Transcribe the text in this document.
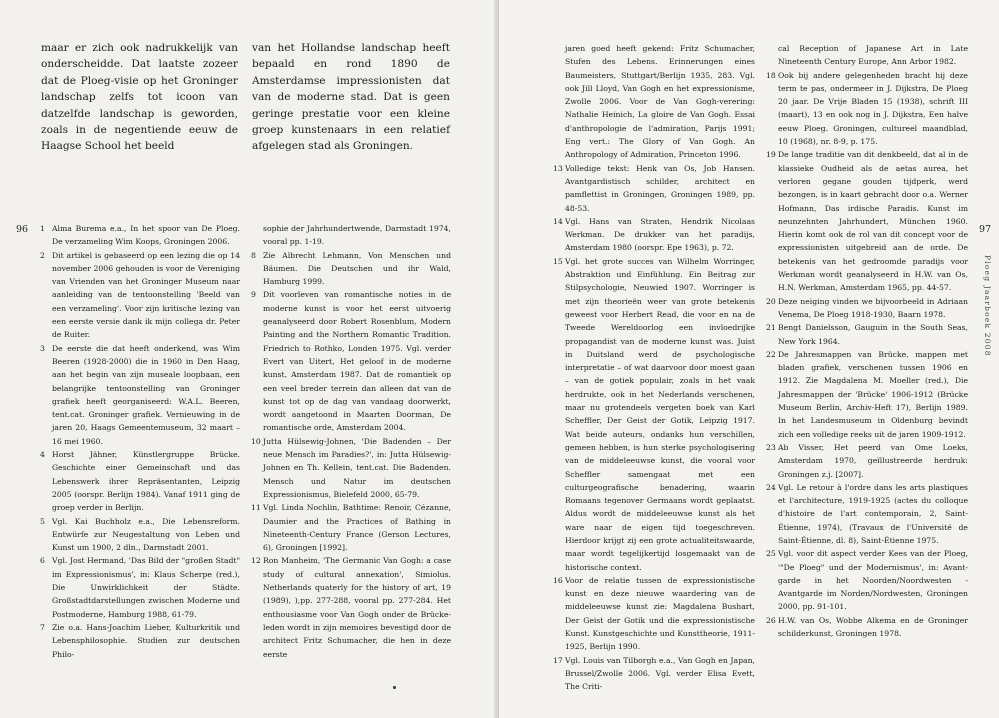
maar er zich ook nadrukkelijk van onderscheidde. Dat laatste zozeer dat de Ploeg-visie op het Groninger landschap zelfs tot icoon van datzelfde landschap is geworden, zoals in de negentiende eeuw de Haagse School het beeld

van het Hollandse landschap heeft bepaald en rond 1890 de Amsterdamse impressionisten dat van de moderne stad. Dat is geen geringe prestatie voor een kleine groep kunstenaars in een relatief afgelegen stad als Groningen.

96 1 Alma Burema e.a., In het spoor van De Ploeg. De verzameling Wim Koops, Groningen 2006.
2 Dit artikel is gebaseerd op een lezing die op 14 november 2006 gehouden is voor de Vereniging van Vrienden van het Groninger Museum naar aanleiding van de tentoonstelling 'Beeld van een verzameling'. Voor zijn kritische lezing van een eerste versie dank ik mijn collega dr. Peter de Ruiter.
3 De eerste die dat heeft onderkend, was Wim Beeren (1928-2000) die in 1960 in Den Haag, aan het begin van zijn museale loopbaan, een belangrijke tentoonstelling van Groninger grafiek heeft georganiseerd: W.A.L. Beeren, tent.cat. Groninger grafiek. Vernieuwing in de jaren 20, Haags Gemeentemuseum, 32 maart – 16 mei 1960.
4 Horst Jähner, Künstlergruppe Brücke. Geschichte einer Gemeinschaft und das Lebenswerk ihrer Repräsentanten, Leipzig 2005 (oorspr. Berlijn 1984). Vanaf 1911 ging de groep verder in Berlijn.
5 Vgl. Kai Buchholz e.a., Die Lebensreform. Entwürfe zur Neugestaltung von Leben und Kunst um 1900, 2 dln., Darmstadt 2001.
6 Vgl. Jost Hermand, 'Das Bild der "großen Stadt" im Expressionismus', in: Klaus Scherpe (red.), Die Unwirklichkeit der Städte. Großstadtdarstellungen zwischen Moderne und Postmoderne, Hamburg 1988, 61-79.
7 Zie o.a. Hans-Joachim Lieber, Kulturkritik und Lebensphilosophie. Studien zur deutschen Philo-
sophie der Jahrhundertwende, Darmstadt 1974, vooral pp. 1-19.
8 Zie Albrecht Lehmann, Von Menschen und Bäumen. Die Deutschen und ihr Wald, Hamburg 1999.
9 Dit voorleven van romantische noties in de moderne kunst is voor het eerst uitvoerig geanalyseerd door Robert Rosenblum, Modern Painting and the Northern Romantic Tradition. Friedrich to Rothko, Londen 1975. Vgl. verder Evert van Uitert, Het geloof in de moderne kunst, Amsterdam 1987. Dat de romantiek op een veel breder terrein dan alleen dat van de kunst tot op de dag van vandaag doorwerkt, wordt aangetoond in Maarten Doorman, De romantische orde, Amsterdam 2004.
10 Jutta Hülsewig-Johnen, 'Die Badenden – Der neue Mensch im Paradies?', in: Jutta Hülsewig-Johnen en Th. Kellein, tent.cat. Die Badenden. Mensch und Natur im deutschen Expressionismus, Bielefeld 2000, 65-79.
11 Vgl. Linda Nochlin, Bathtime: Renoir, Cézanne, Daumier and the Practices of Bathing in Nineteenth-Century France (Gerson Lectures, 6), Groningen [1992].
12 Ron Manheim, 'The Germanic Van Gogh: a case study of cultural annexation', Simiolus. Netherlands quaterly for the history of art, 19 (1989), ),pp. 277-288, vooral pp. 277-284. Het enthousiasme voor Van Gogh onder de Brücke-leden wordt in zijn memoires bevestigd door de architect Fritz Schumacher, die hen in deze eerste
jaren goed heeft gekend: Fritz Schumacher, Stufen des Lebens. Erinnerungen eines Baumeisters, Stuttgart/Berlijn 1935, 283. Vgl. ook Jill Lloyd, Van Gogh en het expressionisme, Zwolle 2006. Voor de Van Gogh-verering: Nathalie Heinich, La gloire de Van Gogh. Essai d'anthropologie de l'admiration, Parijs 1991; Eng vert.: The Glory of Van Gogh. An Anthropology of Admiration, Princeton 1996.
13 Volledige tekst: Henk van Os, Job Hansen. Avantgardistisch schilder, architect en pamflettist in Groningen, Groningen 1989, pp. 48-53.
14 Vgl. Hans van Straten, Hendrik Nicolaas Werkman. De drukker van het paradijs, Amsterdam 1980 (oorspr. Epe 1963), p. 72.
15 Vgl. het grote succes van Wilhelm Worringer, Abstraktion und Einfühlung. Ein Beitrag zur Stilpsychologie, Neuwied 1907. Worringer is met zijn theorieën weer van grote betekenis geweest voor Herbert Read, die voor en na de Tweede Wereldoorlog een invloedrijke propagandist van de moderne kunst was. Juist in Duitsland werd de psychologische interpretatie – of wat daarvoor door moest gaan – van de gotiek populair, zoals in het vaak herdrukte, ook in het Nederlands verschenen, maar nu grotendeels vergeten boek van Karl Scheffler, Der Geist der Gotik, Leipzig 1917. Wat beide auteurs, ondanks hun verschillen, gemeen hebben, is hun sterke psychologisering van de middeleeuwse kunst, die vooral voor Scheffler samengaat met een culturgeografische benadering, waarin Romaans tegenover Germaans wordt geplaatst. Aldus wordt de middeleeuwse kunst als het ware naar de eigen tijd toegeschreven. Hierdoor krijgt zij een grote actualiteitswaarde, maar wordt tegelijkertijd losgemaakt van de historische context.
16 Voor de relatie tussen de expressionistische kunst en deze nieuwe waardering van de middeleeuwse kunst zie: Magdalena Bushart, Der Geist der Gotik und die expressionistische Kunst. Kunstgeschichte und Kunsttheorie, 1911-1925, Berlijn 1990.
17 Vgl. Louis van Tilborgh e.a., Van Gogh en Japan, Brussel/Zwolle 2006. Vgl. verder Elisa Evett, The Criti-
cal Reception of Japanese Art in Late Nineteenth Century Europe, Ann Arbor 1982.
18 Ook bij andere gelegenheden bracht hij deze term te pas, ondermeer in J. Dijkstra, De Ploeg 20 jaar. De Vrije Bladen 15 (1938), schrift III (maart), 13 en ook nog in J. Dijkstra, Een halve eeuw Ploeg. Groningen, cultureel maandblad, 10 (1968), nr. 8-9, p. 175.
19 De lange traditie van dit denkbeeld, dat al in de klassieke Oudheid als de aetas aurea, het verloren gegane gouden tijdperk, werd bezongen, is in kaart gebracht door o.a. Werner Hofmann, Das irdische Paradis. Kunst im neunzehnten Jahrhundert, München 1960. Hierin komt ook de rol van dit concept voor de expressionisten uitgebreid aan de orde. De betekenis van het gedroomde paradijs voor Werkman wordt geanalyseerd in H.W. van Os, H.N. Werkman, Amsterdam 1965, pp. 44-57.
20 Deze neiging vinden we bijvoorbeeld in Adriaan Venema, De Ploeg 1918-1930, Baarn 1978.
21 Bengt Danielsson, Gauguin in the South Seas, New York 1964.
22 De Jahresmappen van Brücke, mappen met bladen grafiek, verschenen tussen 1906 en 1912. Zie Magdalena M. Moeller (red.), Die Jahresmappen der 'Brücke' 1906-1912 (Brücke Museum Berlin, Archiv-Heft 17), Berlijn 1989. In het Landesmuseum in Oldenburg bevindt zich een volledige reeks uit de jaren 1909-1912.
23 Ab Visser, Het peerd van Ome Loeks, Amsterdam 1970, geïllustreerde herdruk: Groningen z.j. [2007].
24 Vgl. Le retour à l'ordre dans les arts plastiques et l'architecture, 1919-1925 (actes du colloque d'histoire de l'art contemporain, 2, Saint-Étienne, 1974), (Travaux de l'Université de Saint-Étienne, dl. 8), Saint-Étienne 1975.
25 Vgl. voor dit aspect verder Kees van der Ploeg, '"De Ploeg" und der Modernismus', in: Avant-garde in het Noorden/Noordwesten - Avantgarde im Norden/Nordwesten, Groningen 2000, pp. 91-101.
26 H.W. van Os, Wobbe Alkema en de Groninger schilderkunst, Groningen 1978.
97
Ploeg Jaarboek 2008
